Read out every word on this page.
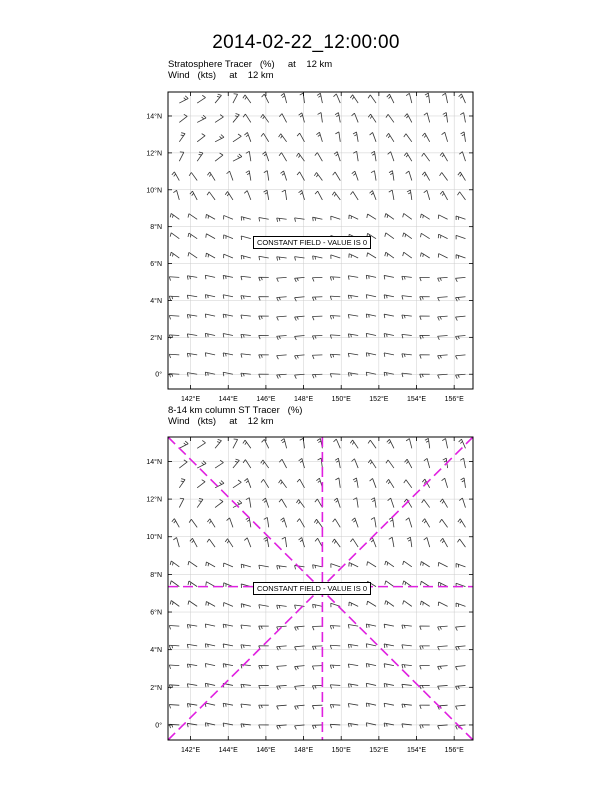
2014-02-22_12:00:00
Stratosphere Tracer   (%)     at    12 km
Wind   (kts)     at    12 km
8-14 km column ST Tracer   (%)
Wind   (kts)     at    12 km
142°E	144°E	146°E	148°E	150°E	152°E	154°E	156°E
0°
2°N
4°N
6°N
8°N
10°N
12°N
14°N
142°E	144°E	146°E	148°E	150°E	152°E	154°E	156°E
0°
2°N
4°N
6°N
8°N
10°N
12°N
14°N
CONSTANT FIELD - VALUE IS 0
CONSTANT FIELD - VALUE IS 0
